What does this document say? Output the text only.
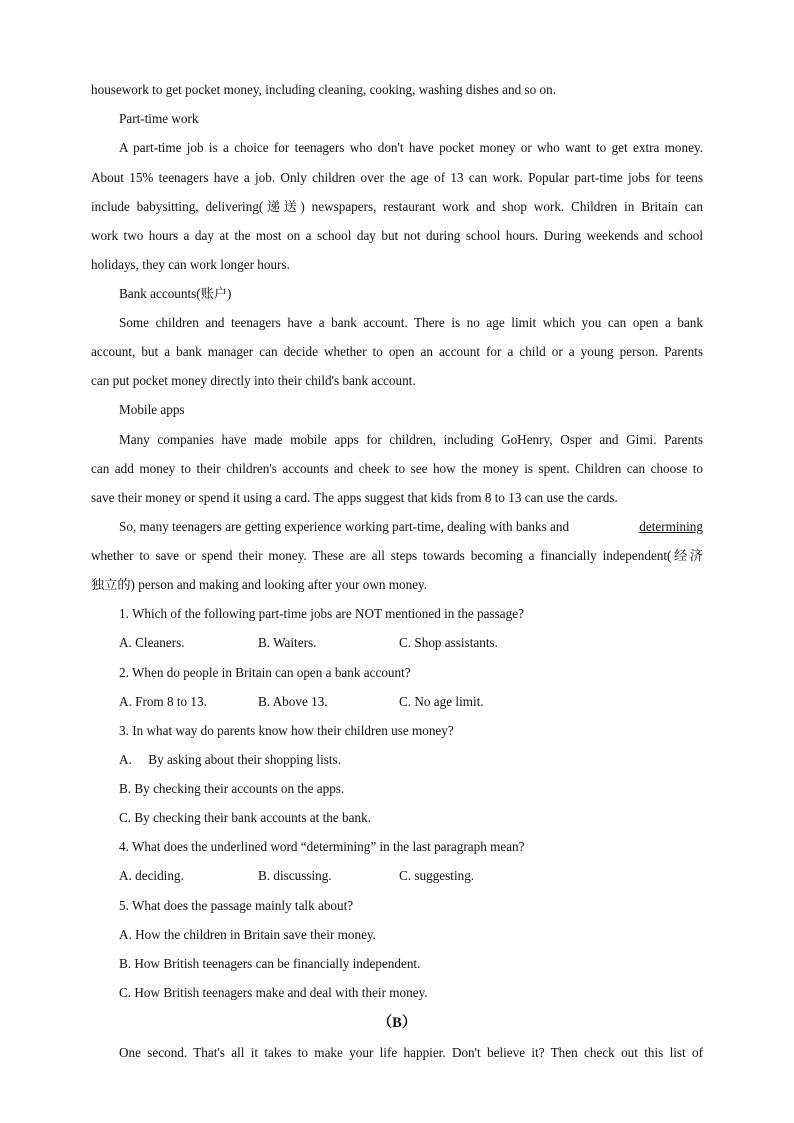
housework to get pocket money, including cleaning, cooking, washing dishes and so on.
Part-time work
A part-time job is a choice for teenagers who don't have pocket money or who want to get extra money.
About 15% teenagers have a job. Only children over the age of 13 can work. Popular part-time jobs for teens
include babysitting, delivering(递送) newspapers, restaurant work and shop work. Children in Britain can
work two hours a day at the most on a school day but not during school hours. During weekends and school
holidays, they can work longer hours.
Bank accounts(账户)
Some children and teenagers have a bank account. There is no age limit which you can open a bank
account, but a bank manager can decide whether to open an account for a child or a young person. Parents
can put pocket money directly into their child's bank account.
Mobile apps
Many companies have made mobile apps for children, including GoHenry, Osper and Gimi. Parents
can add money to their children's accounts and cheek to see how the money is spent. Children can choose to
save their money or spend it using a card. The apps suggest that kids from 8 to 13 can use the cards.
So, many teenagers are getting experience working part-time, dealing with banks and	determining
whether to save or spend their money. These are all steps towards becoming a financially independent(经济
独立的) person and making and looking after your own money.
1. Which of the following part-time jobs are NOT mentioned in the passage?
A. Cleaners.	B. Waiters.	C. Shop assistants.
2. When do people in Britain can open a bank account?
A. From 8 to 13.	B. Above 13.	C. No age limit.
3. In what way do parents know how their children use money?
A.     By asking about their shopping lists.
B. By checking their accounts on the apps.
C. By checking their bank accounts at the bank.
4. What does the underlined word “determining” in the last paragraph mean?
A. deciding.	B. discussing.	C. suggesting.
5. What does the passage mainly talk about?
A. How the children in Britain save their money.
B. How British teenagers can be financially independent.
C. How British teenagers make and deal with their money.
（B）
One second. That's all it takes to make your life happier. Don't believe it? Then check out this list of
